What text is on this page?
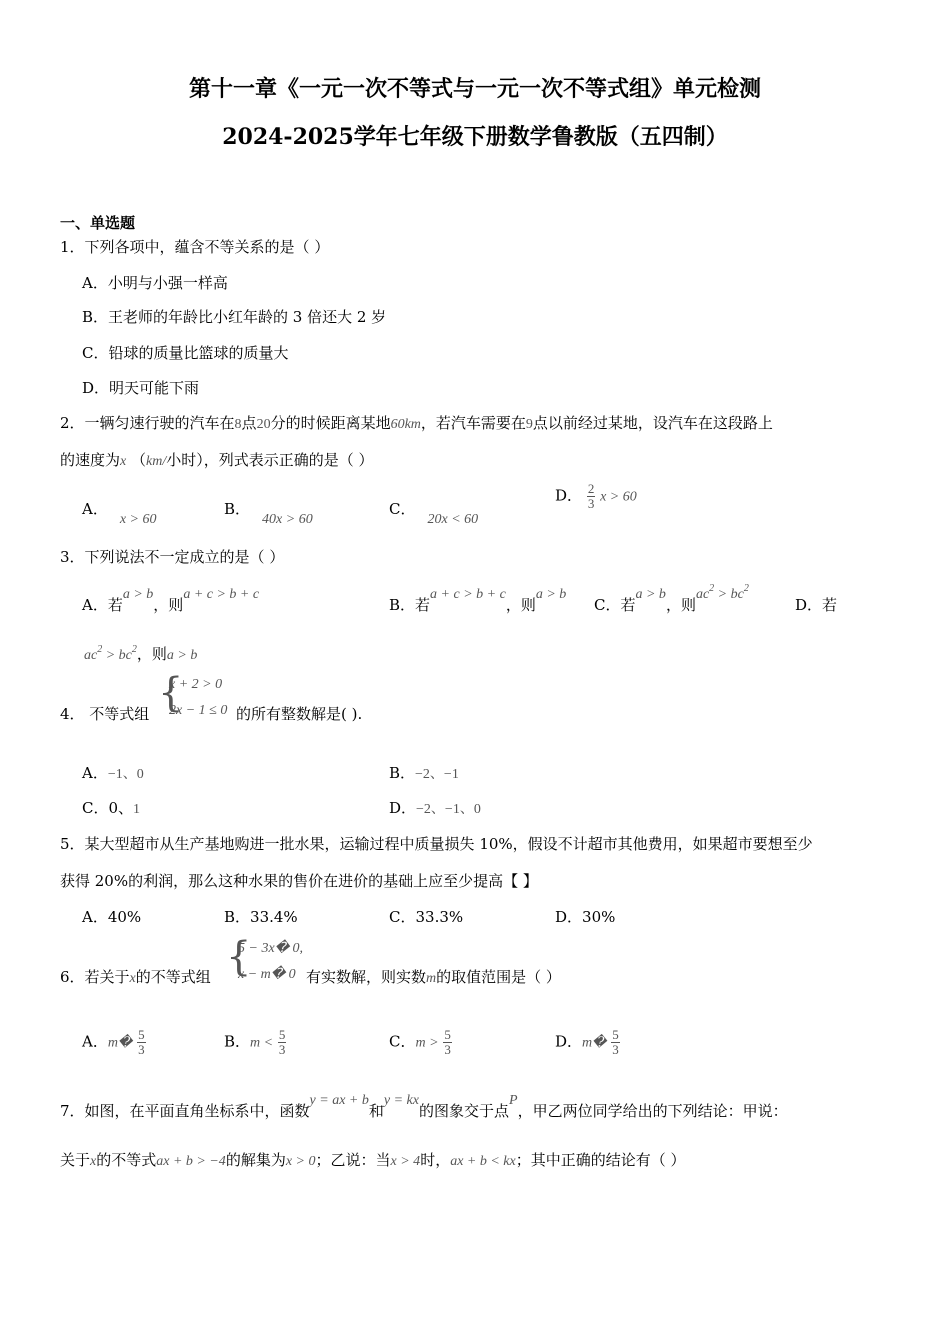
第十一章《一元一次不等式与一元一次不等式组》单元检测
2024-2025学年七年级下册数学鲁教版（五四制）
一、单选题
1．下列各项中，蕴含不等关系的是（ ）
A．小明与小强一样高
B．王老师的年龄比小红年龄的 3 倍还大 2 岁
C．铅球的质量比篮球的质量大
D．明天可能下雨
2．一辆匀速行驶的汽车在8点20分的时候距离某地60km，若汽车需要在9点以前经过某地，设汽车在这段路上
的速度为x （km/小时），列式表示正确的是（ ）
A．x > 60
B．40x > 60
C．20x < 60
D． $\frac{2}{3}$ x > 60
3．下列说法不一定成立的是（ ）
A．若a > b，则a + c > b + c
B．若a + c > b + c，则a > b
C．若a > b，则$ac^2 > bc^2$
D．若
$ac^2 > bc^2$，则a > b
4． 不等式组 {
x + 2 > 0
2x − 1 ≤ 0 的所有整数解是( ).
A．−1、0	B．−2、−1
C．0、1	D．−2、−1、0
5．某大型超市从生产基地购进一批水果，运输过程中质量损失 10%，假设不计超市其他费用，如果超市要想至少
获得 20%的利润，那么这种水果的售价在进价的基础上应至少提高【 】
A．40%	B．33.4%	C．33.3%	D．30%
6．若关于x的不等式组 {
5 − 3x� 0,
x − m� 0 有实数解，则实数m的取值范围是（ ）
A．m� $\frac{5}{3}$	B．$m < \frac{5}{3}$	C．$m > \frac{5}{3}$	D．m� $\frac{5}{3}$
7．如图，在平面直角坐标系中，函数y = ax + b和y = kx的图象交于点P，甲乙两位同学给出的下列结论：甲说：
关于x的不等式ax + b > −4的解集为x > 0；乙说：当x > 4时，ax + b < kx；其中正确的结论有（ ）
